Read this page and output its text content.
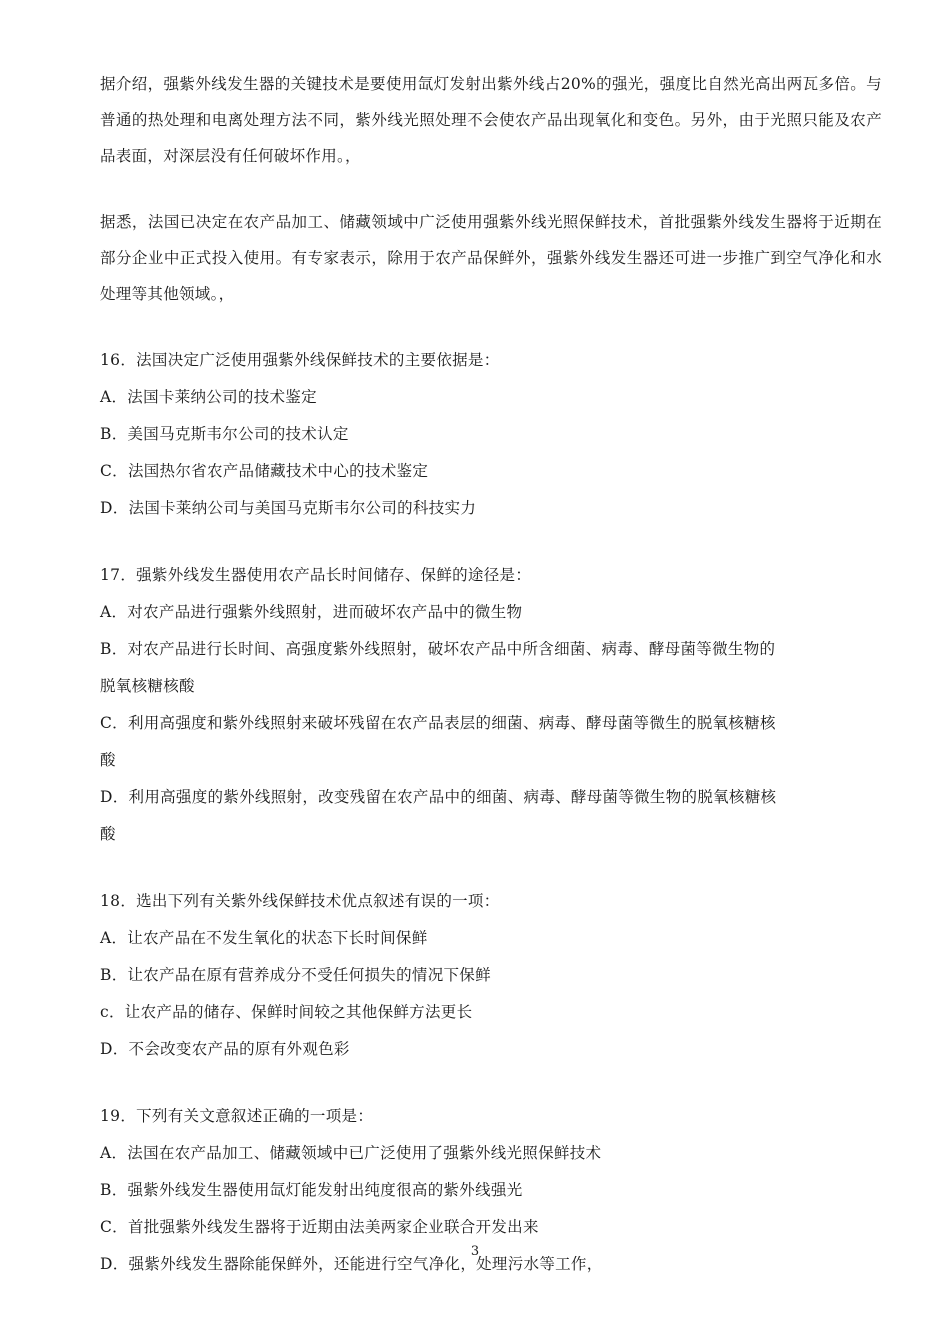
据介绍，强紫外线发生器的关键技术是要使用氙灯发射出紫外线占20%的强光，强度比自然光高出两瓦多倍。与普通的热处理和电离处理方法不同，紫外线光照处理不会使农产品出现氧化和变色。另外，由于光照只能及农产品表面，对深层没有任何破坏作用。，

据悉，法国已决定在农产品加工、储藏领域中广泛使用强紫外线光照保鲜技术，首批强紫外线发生器将于近期在部分企业中正式投入使用。有专家表示，除用于农产品保鲜外，强紫外线发生器还可进一步推广到空气净化和水处理等其他领域。，

16．法国决定广泛使用强紫外线保鲜技术的主要依据是：

A．法国卡莱纳公司的技术鉴定

B．美国马克斯韦尔公司的技术认定

C．法国热尔省农产品储藏技术中心的技术鉴定

D．法国卡莱纳公司与美国马克斯韦尔公司的科技实力

17．强紫外线发生器使用农产品长时间储存、保鲜的途径是：

A．对农产品进行强紫外线照射，进而破坏农产品中的微生物

B．对农产品进行长时间、高强度紫外线照射，破坏农产品中所含细菌、病毒、酵母菌等微生物的脱氧核糖核酸

C．利用高强度和紫外线照射来破坏残留在农产品表层的细菌、病毒、酵母菌等微生的脱氧核糖核酸

D．利用高强度的紫外线照射，改变残留在农产品中的细菌、病毒、酵母菌等微生物的脱氧核糖核酸

18．选出下列有关紫外线保鲜技术优点叙述有误的一项：

A．让农产品在不发生氧化的状态下长时间保鲜

B．让农产品在原有营养成分不受任何损失的情况下保鲜

c．让农产品的储存、保鲜时间较之其他保鲜方法更长

D．不会改变农产品的原有外观色彩

19．下列有关文意叙述正确的一项是：

A．法国在农产品加工、储藏领域中已广泛使用了强紫外线光照保鲜技术

B．强紫外线发生器使用氙灯能发射出纯度很高的紫外线强光

C．首批强紫外线发生器将于近期由法美两家企业联合开发出来

D．强紫外线发生器除能保鲜外，还能进行空气净化，处理污水等工作，

3
